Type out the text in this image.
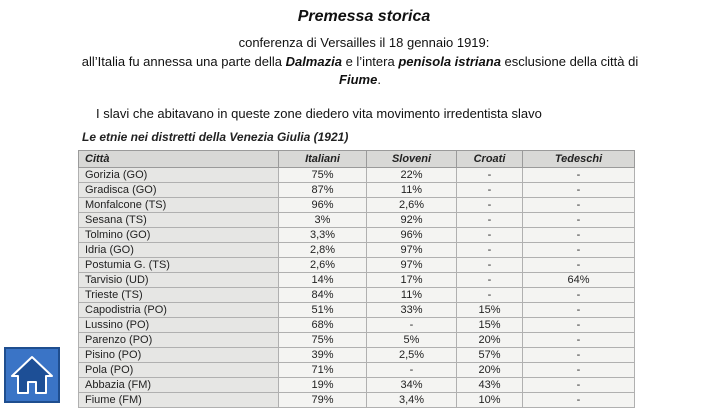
Premessa storica
conferenza di Versailles il 18 gennaio 1919:
all’Italia fu annessa una parte della Dalmazia e l’intera penisola istriana esclusione della città di Fiume.
I slavi che abitavano in queste zone diedero vita movimento irredentista slavo
Le etnie nei distretti della Venezia Giulia (1921)
Città	Italiani	Sloveni	Croati	Tedeschi
Gorizia (GO)	75%	22%	-	-
Gradisca (GO)	87%	11%	-	-
Monfalcone (TS)	96%	2,6%	-	-
Sesana (TS)	3%	92%	-	-
Tolmino (GO)	3,3%	96%	-	-
Idria (GO)	2,8%	97%	-	-
Postumia G. (TS)	2,6%	97%	-	-
Tarvisio (UD)	14%	17%	-	64%
Trieste (TS)	84%	11%	-	-
Capodistria (PO)	51%	33%	15%	-
Lussino (PO)	68%	-	15%	-
Parenzo (PO)	75%	5%	20%	-
Pisino (PO)	39%	2,5%	57%	-
Pola (PO)	71%	-	20%	-
Abbazia (FM)	19%	34%	43%	-
Fiume (FM)	79%	3,4%	10%	-
